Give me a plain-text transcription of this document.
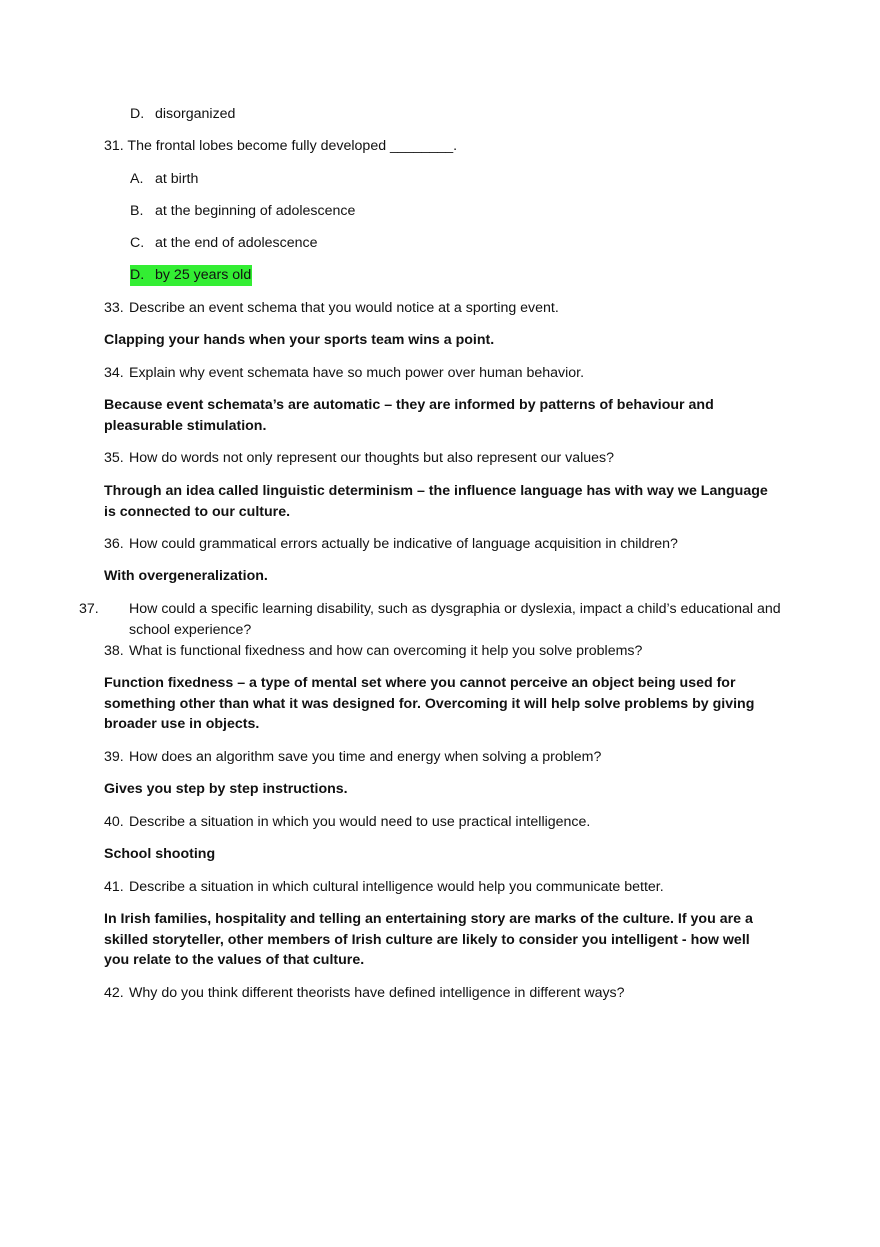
D. disorganized
31. The frontal lobes become fully developed ________.
A. at birth
B. at the beginning of adolescence
C. at the end of adolescence
D. by 25 years old
33. Describe an event schema that you would notice at a sporting event.
Clapping your hands when your sports team wins a point.
34. Explain why event schemata have so much power over human behavior.
Because event schemata’s are automatic – they are informed by patterns of behaviour and pleasurable stimulation.
35. How do words not only represent our thoughts but also represent our values?
Through an idea called linguistic determinism – the influence language has with way we Language is connected to our culture.
36. How could grammatical errors actually be indicative of language acquisition in children?
With overgeneralization.
37. How could a specific learning disability, such as dysgraphia or dyslexia, impact a child’s educational and school experience?
38. What is functional fixedness and how can overcoming it help you solve problems?
Function fixedness – a type of mental set where you cannot perceive an object being used for something other than what it was designed for. Overcoming it will help solve problems by giving broader use in objects.
39. How does an algorithm save you time and energy when solving a problem?
Gives you step by step instructions.
40. Describe a situation in which you would need to use practical intelligence.
School shooting
41. Describe a situation in which cultural intelligence would help you communicate better.
In Irish families, hospitality and telling an entertaining story are marks of the culture. If you are a skilled storyteller, other members of Irish culture are likely to consider you intelligent - how well you relate to the values of that culture.
42. Why do you think different theorists have defined intelligence in different ways?
